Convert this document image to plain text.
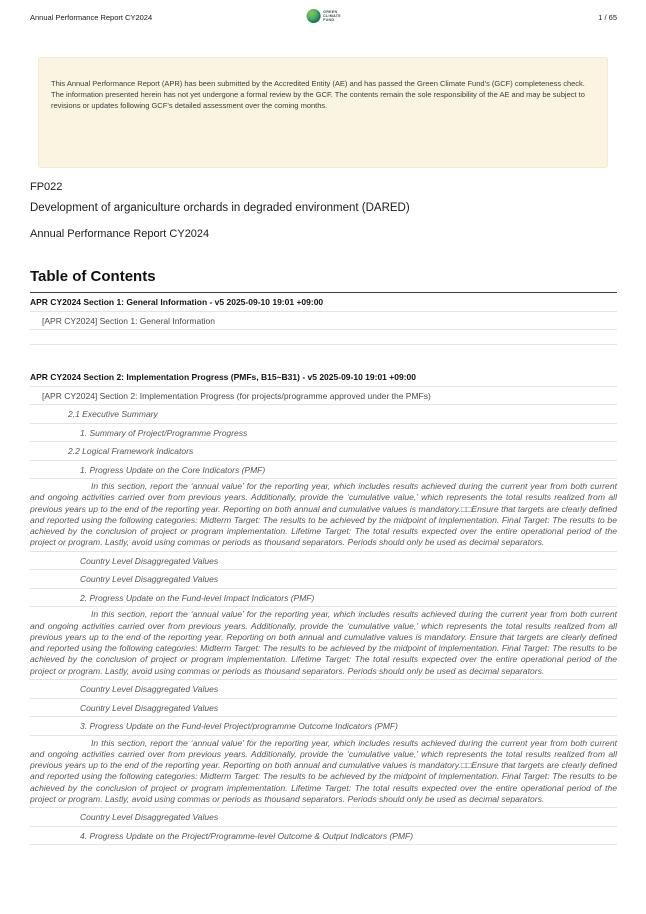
Annual Performance Report CY2024
GREEN
CLIMATE
FUND	1 / 65
This Annual Performance Report (APR) has been submitted by the Accredited Entity (AE) and has passed the Green Climate Fund’s (GCF) completeness check. The information presented herein has not yet undergone a formal review by the GCF. The contents remain the sole responsibility of the AE and may be subject to revisions or updates following GCF’s detailed assessment over the coming months.

FP022

Development of arganiculture orchards in degraded environment (DARED)

Annual Performance Report CY2024

Table of Contents
APR CY2024 Section 1: General Information - v5 2025-09-10 19:01 +09:00
[APR CY2024] Section 1: General Information
APR CY2024 Section 2: Implementation Progress (PMFs, B15~B31) - v5 2025-09-10 19:01 +09:00
[APR CY2024] Section 2: Implementation Progress (for projects/programme approved under the PMFs)
2.1 Executive Summary
1. Summary of Project/Programme Progress
2.2 Logical Framework Indicators
1. Progress Update on the Core Indicators (PMF)
In this section, report the ‘annual value’ for the reporting year, which includes results achieved during the current year from both current and ongoing activities carried over from previous years. Additionally, provide the ‘cumulative value,’ which represents the total results realized from all previous years up to the end of the reporting year. Reporting on both annual and cumulative values is mandatory.□□Ensure that targets are clearly defined and reported using the following categories: Midterm Target: The results to be achieved by the midpoint of implementation. Final Target: The results to be achieved by the conclusion of project or program implementation. Lifetime Target: The total results expected over the entire operational period of the project or program. Lastly, avoid using commas or periods as thousand separators. Periods should only be used as decimal separators.
Country Level Disaggregated Values
Country Level Disaggregated Values
2. Progress Update on the Fund-level Impact Indicators (PMF)
In this section, report the ‘annual value’ for the reporting year, which includes results achieved during the current year from both current and ongoing activities carried over from previous years. Additionally, provide the ‘cumulative value,’ which represents the total results realized from all previous years up to the end of the reporting year. Reporting on both annual and cumulative values is mandatory. Ensure that targets are clearly defined and reported using the following categories: Midterm Target: The results to be achieved by the midpoint of implementation. Final Target: The results to be achieved by the conclusion of project or program implementation. Lifetime Target: The total results expected over the entire operational period of the project or program. Lastly, avoid using commas or periods as thousand separators. Periods should only be used as decimal separators.
Country Level Disaggregated Values
Country Level Disaggregated Values
3. Progress Update on the Fund-level Project/programme Outcome Indicators (PMF)
In this section, report the ‘annual value’ for the reporting year, which includes results achieved during the current year from both current and ongoing activities carried over from previous years. Additionally, provide the ‘cumulative value,’ which represents the total results realized from all previous years up to the end of the reporting year. Reporting on both annual and cumulative values is mandatory.□□Ensure that targets are clearly defined and reported using the following categories: Midterm Target: The results to be achieved by the midpoint of implementation. Final Target: The results to be achieved by the conclusion of project or program implementation. Lifetime Target: The total results expected over the entire operational period of the project or program. Lastly, avoid using commas or periods as thousand separators. Periods should only be used as decimal separators.
Country Level Disaggregated Values
4. Progress Update on the Project/Programme-level Outcome & Output Indicators (PMF)
